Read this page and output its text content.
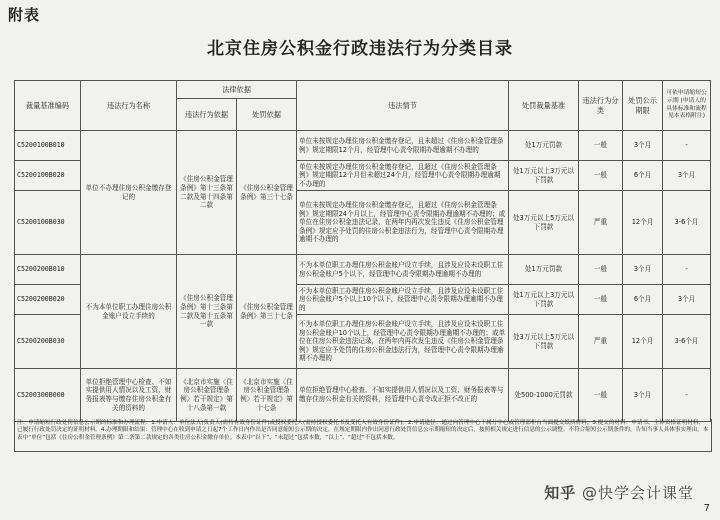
附表
北京住房公积金行政违法行为分类目录
裁量基准编码	违法行为名称	法律依据		违法情节	处罚裁量基准	违法行为分类	处罚公示期限	可依申请缩短公示期 (申请人的具体标准和流程见本表格附注)
		违法行为依据	处罚依据					
C5200100B010	单位不办理住房公积金缴存登记的	《住房公积金管理条例》第十三条第二款及第十四条第二款	《住房公积金管理条例》第三十七条	单位未按规定办理住房公积金缴存登记，且未超过《住房公积金管理条例》规定期限12个月，经管理中心责令限期办理逾期不办理的	处1万元罚款	一般	3个月	-
C5200100B020				单位未按规定办理住房公积金缴存登记，且超过《住房公积金管理条例》规定期限12个月但未超过24个月，经管理中心责令限期办理逾期不办理的	处1万元以上3万元以下罚款	一般	6个月	3个月
C5200100B030				单位未按规定办理住房公积金缴存登记，且超过《住房公积金管理条例》规定期限24个月以上，经管理中心责令限期办理逾期不办理的；或单位在住房公积金违法记录，在两年内再次发生违反《住房公积金管理条例》规定应予处罚的住房公积金违法行为，经管理中心责令限期办理逾期不办理的	处3万元以上5万元以下罚款	严重	12个月	3-6个月
C5200200B010	不为本单位职工办理住房公积金账户设立手续的	《住房公积金管理条例》第十三条第二款及第十五条第一款	《住房公积金管理条例》第三十七条	不为本单位职工办理住房公积金账户设立手续，且涉及应设未设职工住房公积金账户5个以下，经管理中心责令限期办理逾期不办理的	处1万元罚款	一般	3个月	-
C5200200B020				不为本单位职工办理住房公积金账户设立手续，且涉及应设未设职工住房公积金账户5个以上10个以下，经管理中心责令限期办理逾期不办理的	处1万元以上3万元以下罚款	一般	6个月	3个月
C5200200B030				不为本单位职工办理住房公积金账户设立手续，且涉及应设未设职工住房公积金账户10个以上，经管理中心责令限期办理逾期不办理的；或单位在住房公积金违法记录，在两年内再次发生违反《住房公积金管理条例》规定应予处罚的住房公积金违法行为，经管理中心责令限期办理逾期不办理的	处3万元以上5万元以下罚款	严重	12个月	3-6个月
C5200300B000	单位拒绝管理中心检查、不如实提供用人情况以及工资、财务报表等与缴存住房公积金有关的资料的	《北京市实施〈住房公积金管理条例〉若干规定》第十八条第一款	《北京市实施〈住房公积金管理条例〉若干规定》第十七条	单位拒绝管理中心检查、不如实提供用人情况以及工资、财务报表等与缴存住房公积金有关的资料，经管理中心责令改正拒不改正的	处500-1000元罚款	一般	3个月	-
注：申请缩短行政处罚信息公示期的标准和办理流程：1.申请人：单位法人(负责人(需持有效身份证件)或授权委托人(需持授权委托书及受托人有效身份证件)。2.申请途径：通过向管理中心下属分中心或管理部柜台当面提交纸质材料。3.提交的材料：申请书、主体资格证明材料、已履行行政处罚决定的证明材料。4.办理期限和结果：管理中心在收到申请之日起7个工作日内作出是否同意缩短公示期的决定，在规定期限内作出同意行政处罚信息公示期缩短的决定后，按照相关规定进行信息的公示调整。不符合缩短公示期条件的，告知当事人具体事实理由。本表中“单位”包括《住房公积金管理条例》第二条第二款规定的各类住房公积金缴存单位。本表中“以下”、“未超过”包括本数，“以上”、“超过”不包括本数。
知乎 @快学会计课堂
7
